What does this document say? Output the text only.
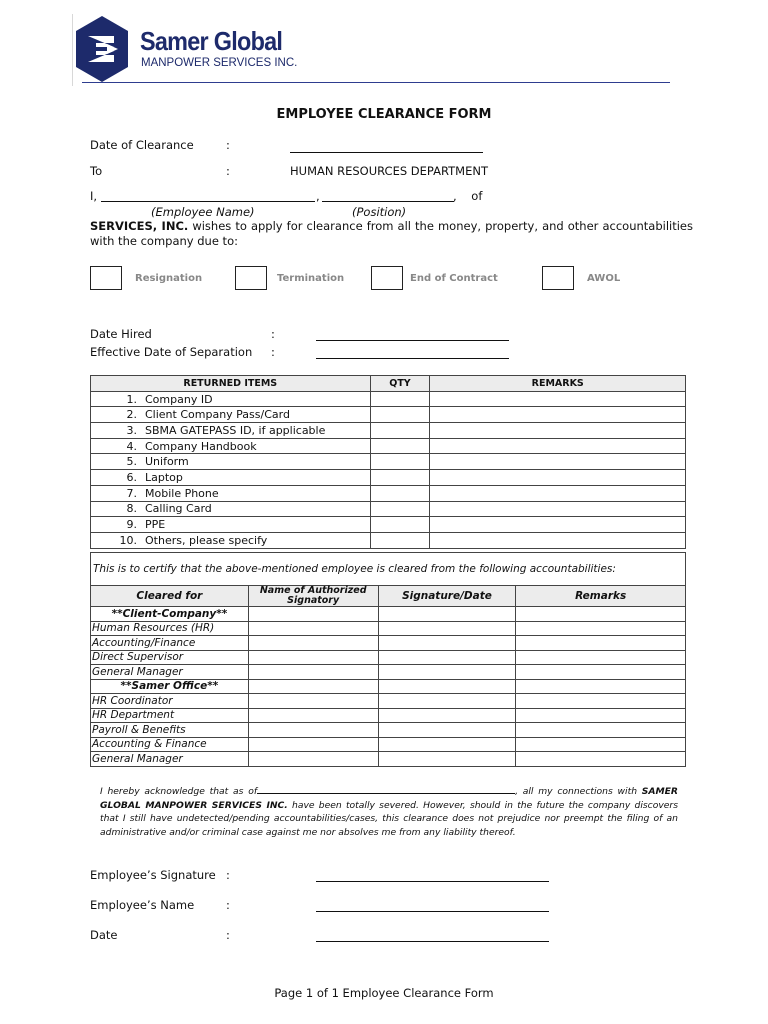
Samer Global
MANPOWER SERVICES INC.
EMPLOYEE CLEARANCE FORM
Date of Clearance	:
To	:	HUMAN RESOURCES DEPARTMENT
I,	,	,    of
(Employee Name)	(Position)
SERVICES, INC. wishes to apply for clearance from all the money, property, and other accountabilities with the company due to:
Resignation	Termination	End of Contract	AWOL
Date Hired	:
Effective Date of Separation :
RETURNED ITEMS	QTY	REMARKS
1. Company ID		
2. Client Company Pass/Card		
3. SBMA GATEPASS ID, if applicable		
4. Company Handbook		
5. Uniform		
6. Laptop		
7. Mobile Phone		
8. Calling Card		
9. PPE		
10. Others, please specify		
This is to certify that the above-mentioned employee is cleared from the following accountabilities:			
Cleared for	Name of Authorized Signatory	Signature/Date	Remarks
**Client-Company**			
Human Resources (HR)			
Accounting/Finance			
Direct Supervisor			
General Manager			
**Samer Office**			
HR Coordinator			
HR Department			
Payroll & Benefits			
Accounting & Finance			
General Manager			
I hereby acknowledge that as of	, all my connections with SAMER GLOBAL MANPOWER SERVICES INC. have been totally severed. However, should in the future the company discovers that I still have undetected/pending accountabilities/cases, this clearance does not prejudice nor preempt the filing of an administrative and/or criminal case against me nor absolves me from any liability thereof.
Employee’s Signature :
Employee’s Name	:
Date	:
Page 1 of 1 Employee Clearance Form
